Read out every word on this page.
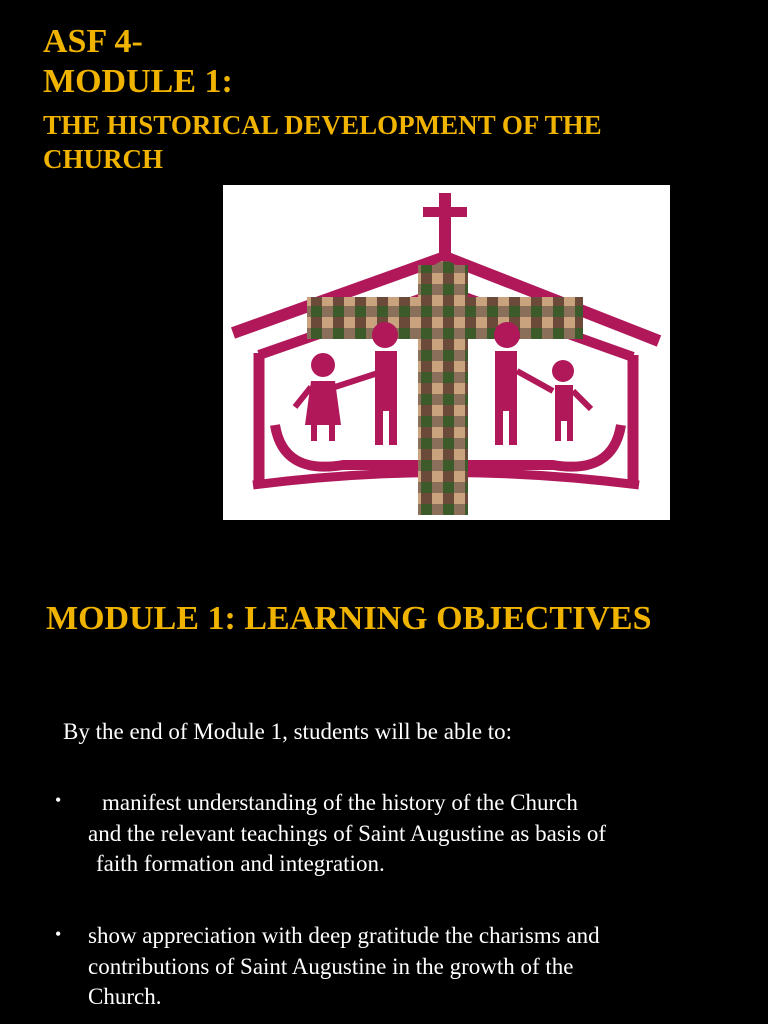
ASF 4-

MODULE 1:

THE HISTORICAL DEVELOPMENT OF THE CHURCH

MODULE 1: LEARNING OBJECTIVES

By the end of Module 1, students will be able to:

•	manifest understanding of the history of the Church
and the relevant teachings of Saint Augustine as basis of
faith formation and integration.
• show appreciation with deep gratitude the charisms and
contributions of Saint Augustine in the growth of the
Church.
